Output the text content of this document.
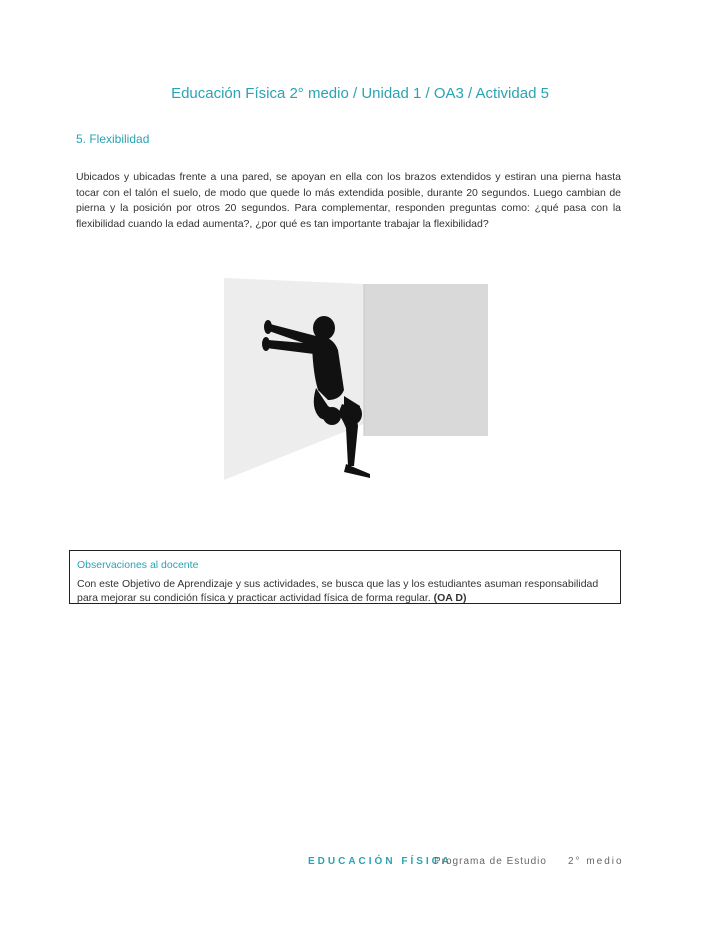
Educación Física 2° medio / Unidad 1 / OA3 / Actividad 5
5. Flexibilidad
Ubicados y ubicadas frente a una pared, se apoyan en ella con los brazos extendidos y estiran una pierna hasta tocar con el talón el suelo, de modo que quede lo más extendida posible, durante 20 segundos. Luego cambian de pierna y la posición por otros 20 segundos. Para complementar, responden preguntas como: ¿qué pasa con la flexibilidad cuando la edad aumenta?, ¿por qué es tan importante trabajar la flexibilidad?
Observaciones al docente
Con este Objetivo de Aprendizaje y sus actividades, se busca que las y los estudiantes asuman responsabilidad para mejorar su condición física y practicar actividad física de forma regular. (OA D)
EDUCACIÓN FÍSICA
Programa de Estudio 2° medio
